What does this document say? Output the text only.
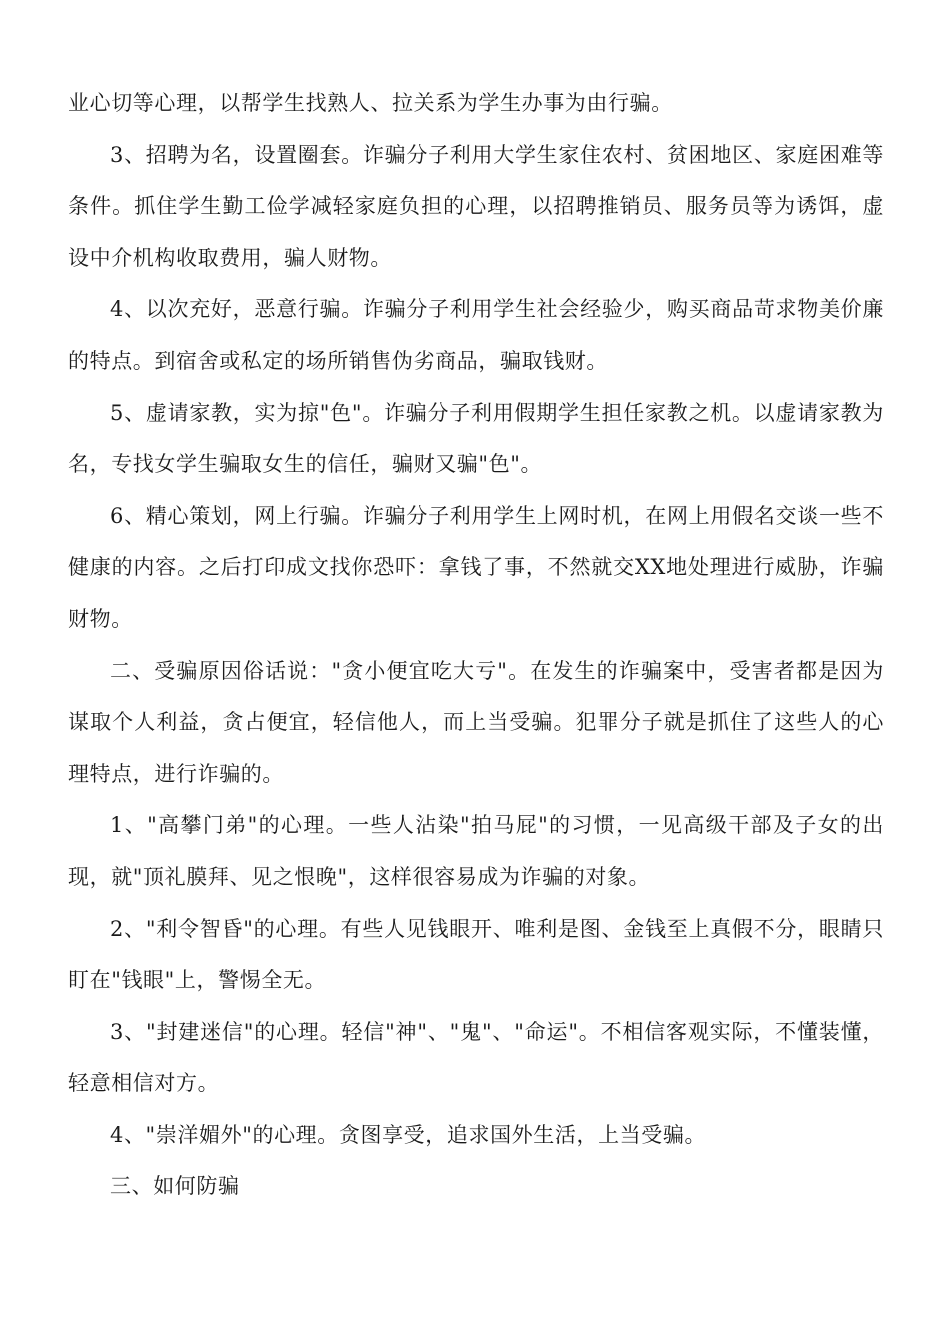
业心切等心理，以帮学生找熟人、拉关系为学生办事为由行骗。

3、招聘为名，设置圈套。诈骗分子利用大学生家住农村、贫困地区、家庭困难等条件。抓住学生勤工俭学减轻家庭负担的心理，以招聘推销员、服务员等为诱饵，虚设中介机构收取费用，骗人财物。

4、以次充好，恶意行骗。诈骗分子利用学生社会经验少，购买商品苛求物美价廉的特点。到宿舍或私定的场所销售伪劣商品，骗取钱财。

5、虚请家教，实为掠"色"。诈骗分子利用假期学生担任家教之机。以虚请家教为名，专找女学生骗取女生的信任，骗财又骗"色"。

6、精心策划，网上行骗。诈骗分子利用学生上网时机，在网上用假名交谈一些不健康的内容。之后打印成文找你恐吓：拿钱了事，不然就交XX地处理进行威胁，诈骗财物。

二、受骗原因俗话说："贪小便宜吃大亏"。在发生的诈骗案中，受害者都是因为谋取个人利益，贪占便宜，轻信他人，而上当受骗。犯罪分子就是抓住了这些人的心理特点，进行诈骗的。

1、"高攀门弟"的心理。一些人沾染"拍马屁"的习惯，一见高级干部及子女的出现，就"顶礼膜拜、见之恨晚"，这样很容易成为诈骗的对象。

2、"利令智昏"的心理。有些人见钱眼开、唯利是图、金钱至上真假不分，眼睛只盯在"钱眼"上，警惕全无。

3、"封建迷信"的心理。轻信"神"、"鬼"、"命运"。不相信客观实际，不懂装懂，轻意相信对方。

4、"崇洋媚外"的心理。贪图享受，追求国外生活，上当受骗。

三、如何防骗
